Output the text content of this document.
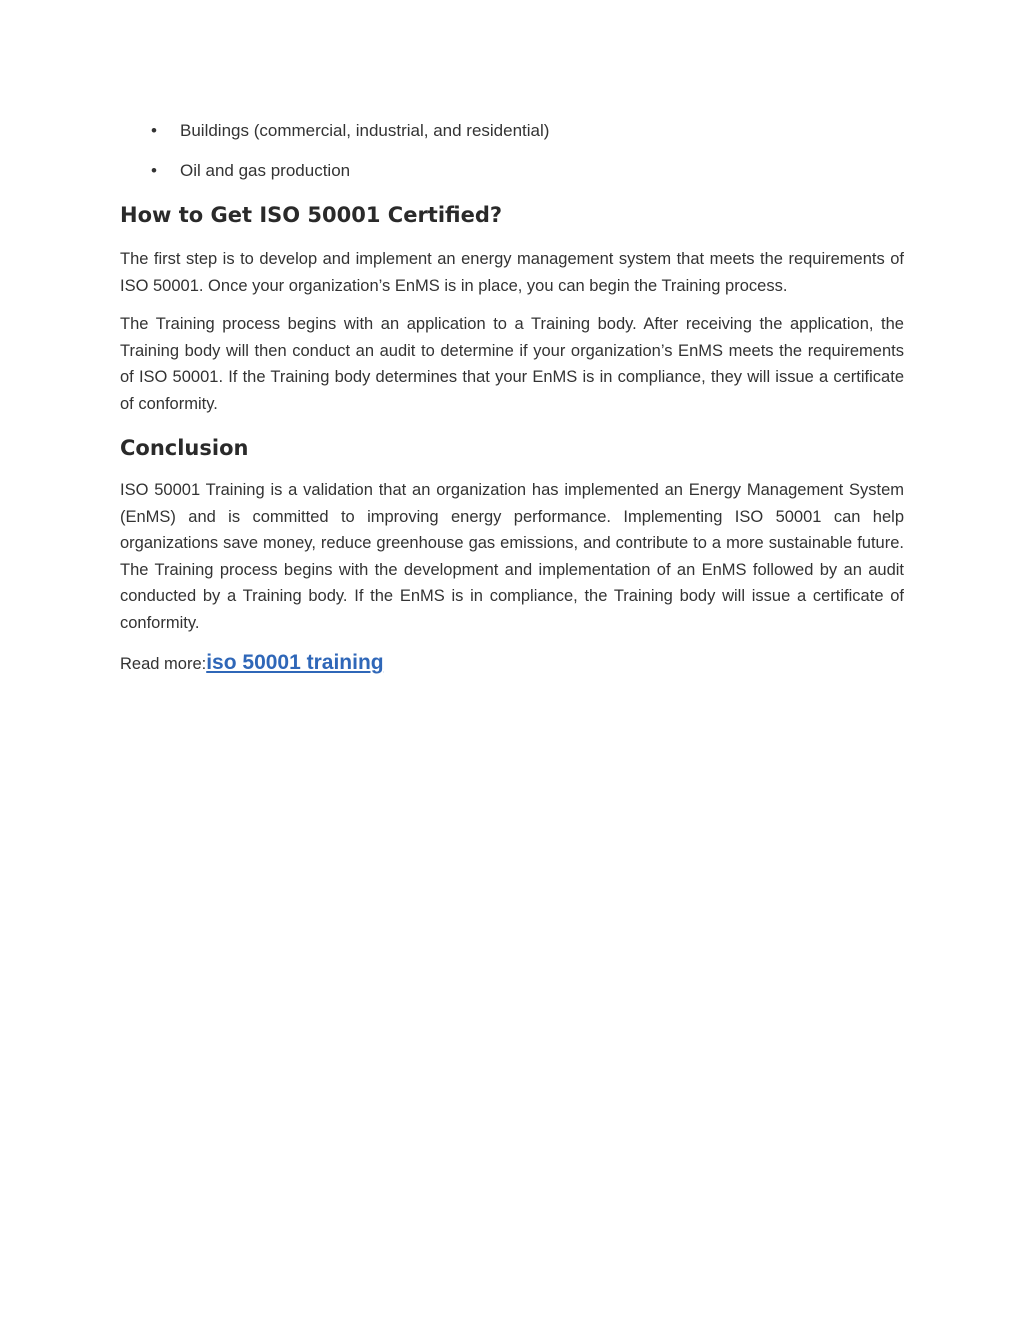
• Buildings (commercial, industrial, and residential)
• Oil and gas production
How to Get ISO 50001 Certified?

The first step is to develop and implement an energy management system that meets the requirements of ISO 50001. Once your organization’s EnMS is in place, you can begin the Training process.

The Training process begins with an application to a Training body. After receiving the application, the Training body will then conduct an audit to determine if your organization’s EnMS meets the requirements of ISO 50001. If the Training body determines that your EnMS is in compliance, they will issue a certificate of conformity.

Conclusion

ISO 50001 Training is a validation that an organization has implemented an Energy Management System (EnMS) and is committed to improving energy performance. Implementing ISO 50001 can help organizations save money, reduce greenhouse gas emissions, and contribute to a more sustainable future. The Training process begins with the development and implementation of an EnMS followed by an audit conducted by a Training body. If the EnMS is in compliance, the Training body will issue a certificate of conformity.

Read more:iso 50001 training
